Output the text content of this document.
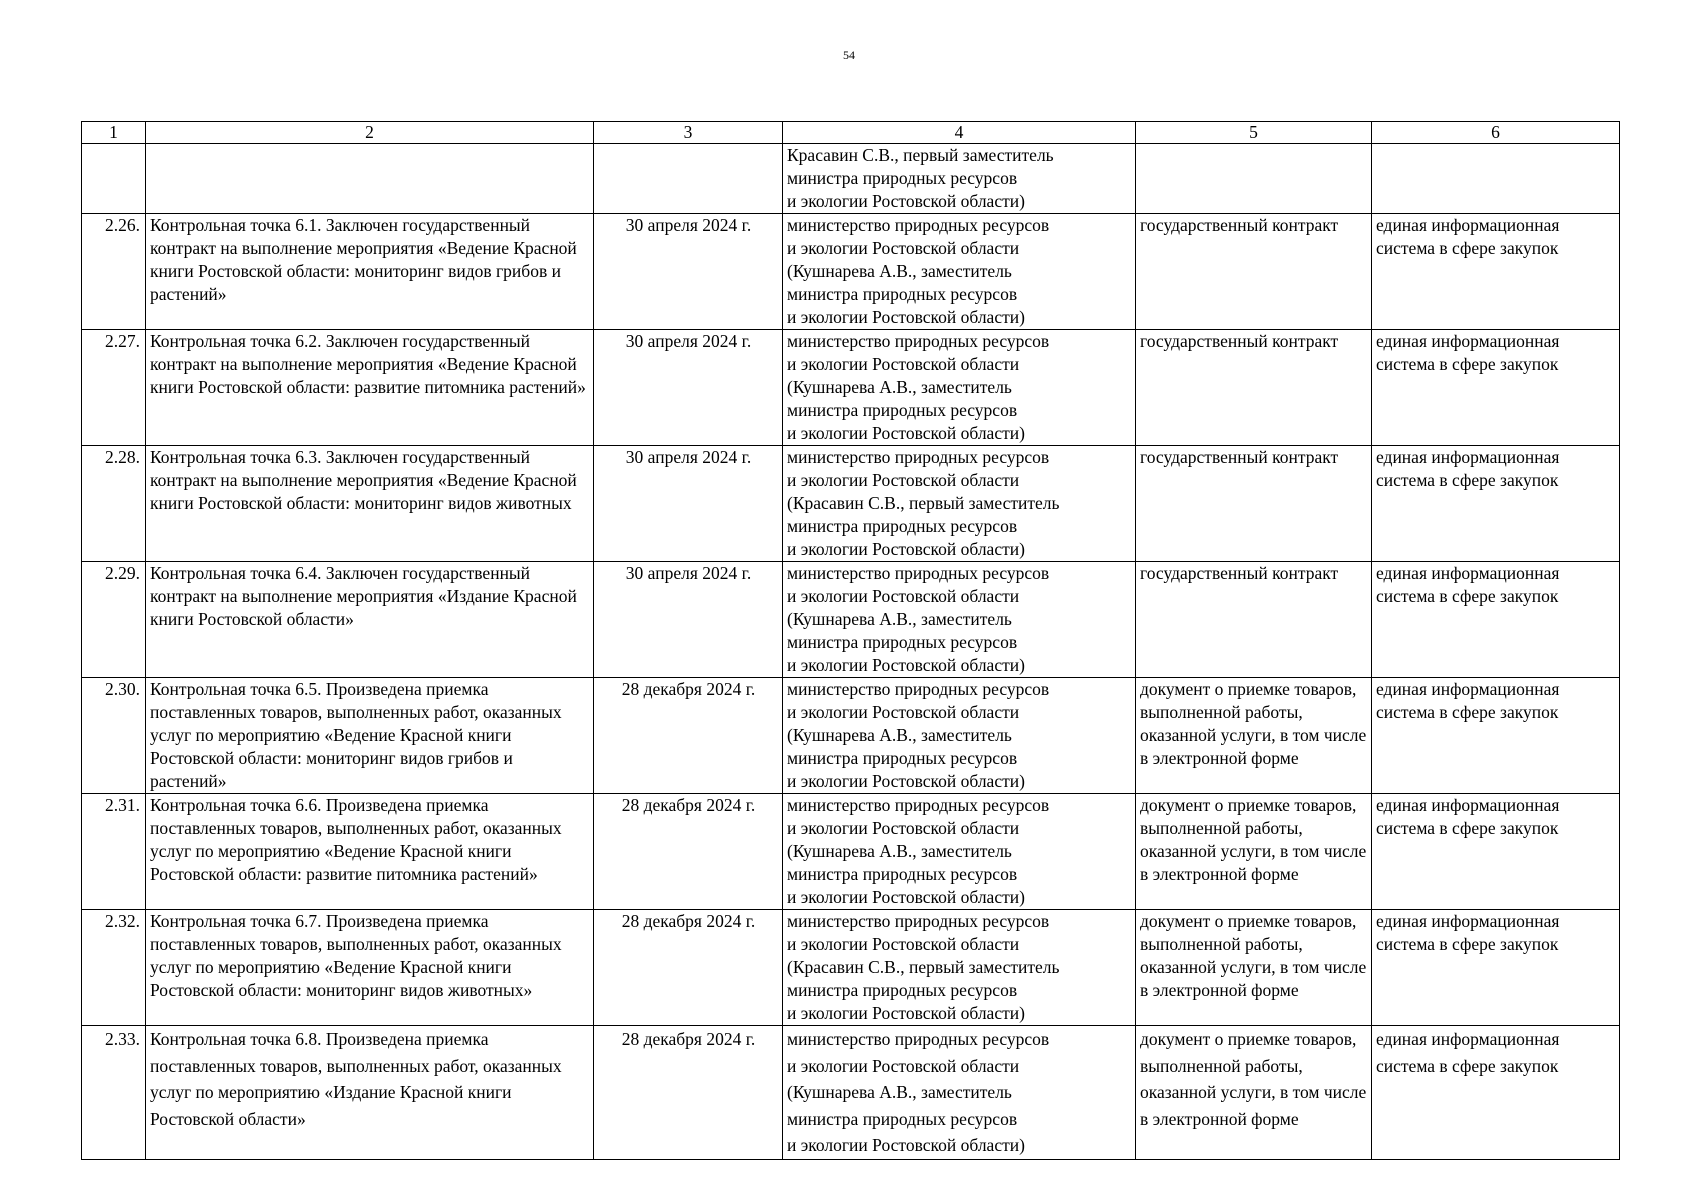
54
1	2	3	4	5	6
			Красавин С.В., первый заместитель
министра природных ресурсов
и экологии Ростовской области)		
2.26.	Контрольная точка 6.1. Заключен государственный контракт на выполнение мероприятия «Ведение Красной книги Ростовской области: мониторинг видов грибов и растений»	30 апреля 2024 г.	министерство природных ресурсов
и экологии Ростовской области
(Кушнарева А.В., заместитель
министра природных ресурсов
и экологии Ростовской области)	государственный контракт	единая информационная система в сфере закупок
2.27.	Контрольная точка 6.2. Заключен государственный контракт на выполнение мероприятия «Ведение Красной книги Ростовской области: развитие питомника растений»	30 апреля 2024 г.	министерство природных ресурсов
и экологии Ростовской области
(Кушнарева А.В., заместитель
министра природных ресурсов
и экологии Ростовской области)	государственный контракт	единая информационная система в сфере закупок
2.28.	Контрольная точка 6.3. Заключен государственный контракт на выполнение мероприятия «Ведение Красной книги Ростовской области: мониторинг видов животных	30 апреля 2024 г.	министерство природных ресурсов
и экологии Ростовской области
(Красавин С.В., первый заместитель
министра природных ресурсов
и экологии Ростовской области)	государственный контракт	единая информационная система в сфере закупок
2.29.	Контрольная точка 6.4. Заключен государственный контракт на выполнение мероприятия «Издание Красной книги Ростовской области»	30 апреля 2024 г.	министерство природных ресурсов
и экологии Ростовской области
(Кушнарева А.В., заместитель
министра природных ресурсов
и экологии Ростовской области)	государственный контракт	единая информационная система в сфере закупок
2.30.	Контрольная точка 6.5. Произведена приемка поставленных товаров, выполненных работ, оказанных услуг по мероприятию «Ведение Красной книги Ростовской области: мониторинг видов грибов и растений»	28 декабря 2024 г.	министерство природных ресурсов
и экологии Ростовской области
(Кушнарева А.В., заместитель
министра природных ресурсов
и экологии Ростовской области)	документ о приемке товаров, выполненной работы, оказанной услуги, в том числе в электронной форме	единая информационная система в сфере закупок
2.31.	Контрольная точка 6.6. Произведена приемка поставленных товаров, выполненных работ, оказанных услуг по мероприятию «Ведение Красной книги Ростовской области: развитие питомника растений»	28 декабря 2024 г.	министерство природных ресурсов
и экологии Ростовской области
(Кушнарева А.В., заместитель
министра природных ресурсов
и экологии Ростовской области)	документ о приемке товаров, выполненной работы, оказанной услуги, в том числе в электронной форме	единая информационная система в сфере закупок
2.32.	Контрольная точка 6.7. Произведена приемка поставленных товаров, выполненных работ, оказанных услуг по мероприятию «Ведение Красной книги Ростовской области: мониторинг видов животных»	28 декабря 2024 г.	министерство природных ресурсов
и экологии Ростовской области
(Красавин С.В., первый заместитель
министра природных ресурсов
и экологии Ростовской области)	документ о приемке товаров, выполненной работы, оказанной услуги, в том числе в электронной форме	единая информационная система в сфере закупок
2.33.	Контрольная точка 6.8. Произведена приемка поставленных товаров, выполненных работ, оказанных услуг по мероприятию «Издание Красной книги Ростовской области»	28 декабря 2024 г.	министерство природных ресурсов
и экологии Ростовской области
(Кушнарева А.В., заместитель
министра природных ресурсов
и экологии Ростовской области)	документ о приемке товаров, выполненной работы, оказанной услуги, в том числе в электронной форме	единая информационная система в сфере закупок
